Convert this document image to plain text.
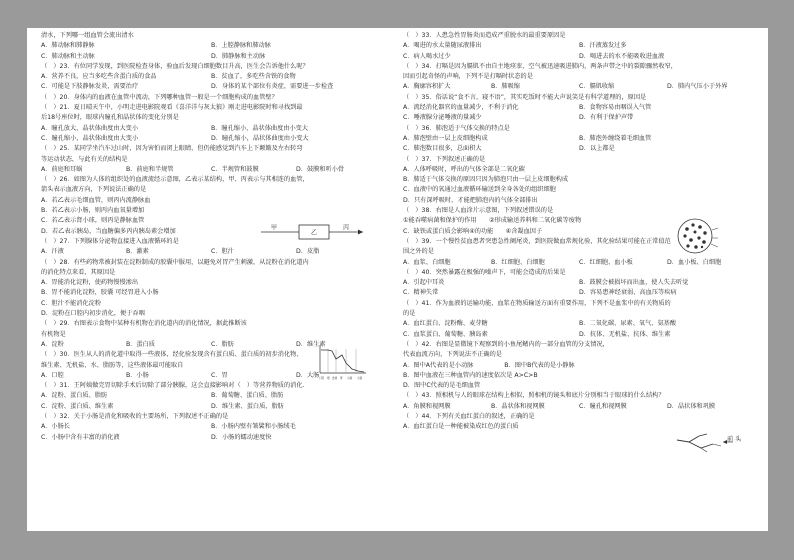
清水，下列哪一组血管会流出清水
A．肺动脉和肺静脉	B．上腔静脉和肺动脉
C．肺动脉和主动脉	D．肺静脉和主动脉
（　）23．有位同学发现，到医院检查身体，验血后发现白细胞数目升高，医生会告诉他什么呢？
A．营养不良，应当多吃些含蛋白质的食品	B．贫血了，多吃些含铁的食物
C．可能是下肢静脉发炎，需要治疗	D．身体的某个部位有炎症，需要进一步检查
（　）20．身体内的血液在血管中流动，下列哪种血管一般是一个细胞构成的血管壁？
（　）21．夏日晴天午中，小明走进电影院观看《喜洋洋与灰太狼》刚走进电影院时和寻找到最
后18号座位时，眼球内瞳孔和晶状体的变化分别是
A．瞳孔放大，晶状体曲度由大变小	B．瞳孔缩小，晶状体曲度由小变大
C．瞳孔缩小，晶状体曲度由大变小	D．瞳孔缩小，晶状体曲度由小变大
（　）25．某同学坐汽车过山时，因为害怕而闭上眼睛，但仍能感觉到汽车上下颠簸及左右转弯
等运动状态，与此有关的结构是
A．前庭和耳蜗	B．前庭和半规管	C．半规管和鼓膜	D．鼓膜和听小骨
（　）26．如图为人体的组织处的血液流经示意图，乙表示某结构，甲、丙表示与其相连的血管，
箭头表示血液方向，下列说法正确的是
A．若乙表示毛细血管，则丙内流静脉血
B．若乙表示小肠，则丙内血氧量增加
C．若乙表示肾小球，则丙是静脉血管
D．若乙表示胰岛，当血糖偏多丙内胰岛素会增加
（　）27．下列腺体分泌物直接进入血液循环的是
A．汗液	B．激素	C．胆汁	D．皮脂
（　）28．有些药物常被封装在淀粉制成的胶囊中服用，以避免对胃产生刺激，从淀粉在消化道内
的消化特点来看，其原因是
A．胃能消化淀粉，使药物慢慢渗出
B．胃不能消化淀粉，胶囊 可经胃进入小肠
C．胆汁不能消化淀粉
D．淀粉在口腔内初步消化，便于吞咽
（　）29．右图表示食物中某种有机物在消化道内的消化情况，据此推断该
有机物是
A．淀粉	B．蛋白质	C．脂肪	D．维生素
（　）30．医生从人的消化道中取得一些液体，经化验发现含有蛋白质、蛋白质的初步消化物、
维生素、无机盐、水、脂肪等，这些液体最可能取自
A．口腔	B．小肠	C．胃	D．大肠
（　）31．王阿姨做完胃切除手术后切除了部分胰腺，这会直接影响对（　）等营养物质的消化．
A．淀粉、蛋白质、脂肪	B．葡萄糖、蛋白质、脂肪
C．淀粉、蛋白质、维生素	D．维生素、蛋白质、脂肪
（　）32．关于小肠是消化和吸收的主要场所，下列叙述不正确的是
A．小肠长	B．小肠内壁有皱襞和小肠绒毛
C．小肠中含有丰富的消化液	D．小肠的蠕动速度快
（　）33．人患急性胃肠炎而造成严重脱水的最重要原因是
A．喝进的水太量随尿液排出	B．汗液蒸发过多
C．病人喝水过少	D．喝进去的水不能吸收进血液
（　）34．打嗝是因为膈肌不由自主地痉挛，空气被迅速吸进肺内，两条声带之中的裂隙骤然收窄，
因而引起奇怪的声响，下列不是打嗝时状态的是
A．胸廓容积扩大	B．肺吸缩	C．膈肌收缩	D．肺内气压小于外界
（　）35．俗话说“食不言，寝不语”，其实吃饭时不能大声说笑是有科学道理的，原因是
A．流经消化器官的血量减少，不利于消化	B．食物容易由咽误入气管
C．唾液腺分泌唾液的量减少	D．有利于保护声带
（　）36．肺泡适于气体交换的特点是
A．肺泡壁由一层上皮细胞构成	B．肺泡外缠绕着毛细血管
C．肺泡数目很多，总面积大	D．以上都是
（　）37．下列叙述正确的是
A．人体呼吸时，呼出的气体全部是二氧化碳
B．肺适于气体交换的原因只因为肺泡只由一层上皮细胞构成
C．血液中的氧通过血液循环输送到全身各处的组织细胞
D．只有深呼吸时，才能把肺泡内的气体全部排出
（　）38．右图是人血涂片示意图，下列叙述错误的是
①能吞噬病菌和保护的作用　　②形成输送养料和二氧化碳等废物
C．缺铁或蛋白质会影响④的功能　　④含凝血因子
（　）39．一个慢性贫血患者突患急性阑尾炎，到医院做血常规化验，其化验结果可能在正常值范
围之外的是
A．血浆、白细胞	B．红细胞、白细胞	C．红细胞、血小板	D．血小板、白细胞
（　）40．突然暴露在极强的噪声下，可能会造成的后果是
A．引起中耳炎	B．鼓膜会被损坏而出血，使人失去听觉
C．精神失常	D．容易患神经衰弱、高血压等疾病
（　）41．作为血液的运输功能，血浆在物质输送方面有重要作用，下列不是血浆中的有关物质的
的是
A．血红蛋白、淀粉酶、麦芽糖	B．二氧化碳、尿素、氧气、氨基酸
C．血浆蛋白、葡萄糖、胰岛素	D．抗体、无机盐、抗体、维生素
（　）42．右图是显微镜下观察到的小鱼尾鳍内的一部分血管的分支情况，
代表血流方向，下列说法不正确的是
A．图中A代表的是小动脉　　　　　B．图中B代表的是小静脉
B．图中血液在三种血管内的速度依次是 A>C>B
D．图中C代表的是毛细血管
（　）43．照相机与人的眼球在结构上相似，照相机的镜头和底片分别相当于眼球的什么结构？
A．角膜和视网膜	B．晶状体和视网膜	C．瞳孔和视网膜	D．晶状体和巩膜
（　）44．下列有关血红蛋白的叙述，正确的是
A．血红蛋白是一种能被染成红色的蛋白质
甲
乙
丙
口腔 咽 食道 胃 小肠 大肠
前 头
